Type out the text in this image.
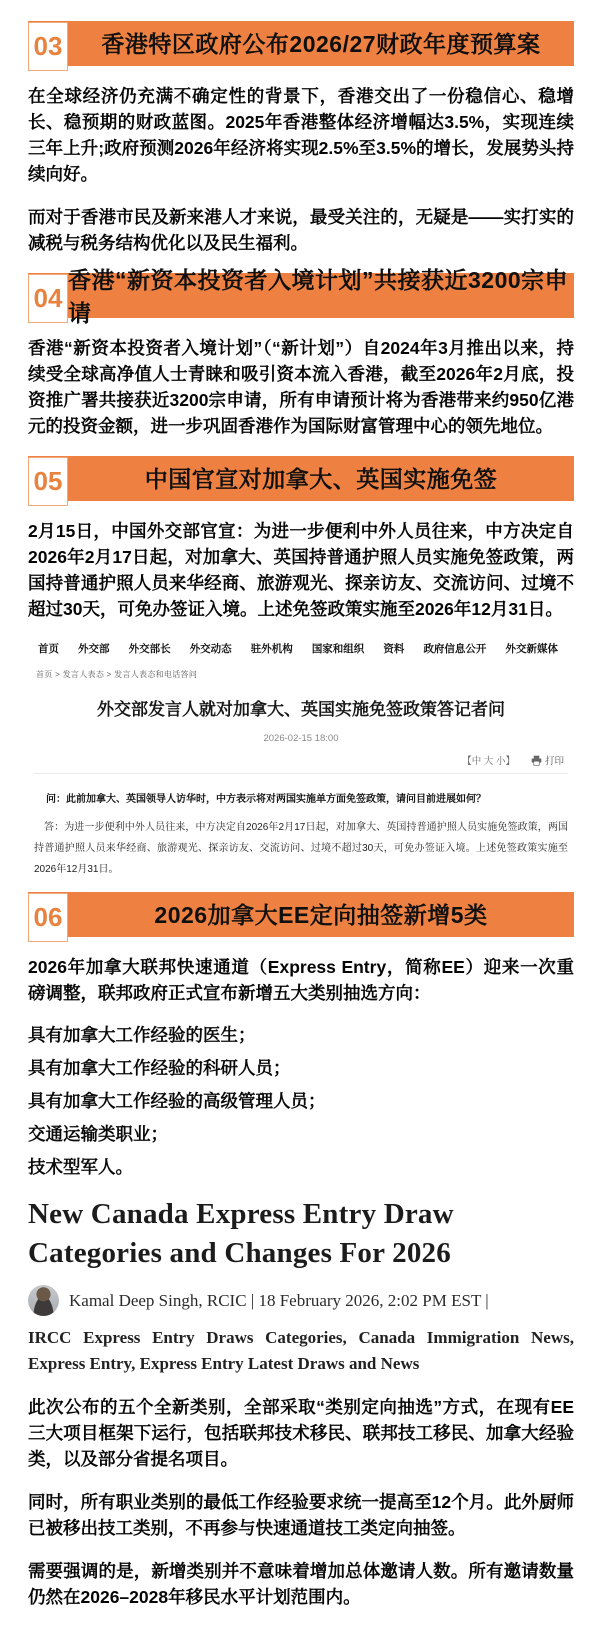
03	香港特区政府公布2026/27财政年度预算案

在全球经济仍充满不确定性的背景下，香港交出了一份稳信心、稳增长、稳预期的财政蓝图。2025年香港整体经济增幅达3.5%，实现连续三年上升;政府预测2026年经济将实现2.5%至3.5%的增长，发展势头持续向好。

而对于香港市民及新来港人才来说，最受关注的，无疑是——实打实的减税与税务结构优化以及民生福利。

04
香港“新资本投资者入境计划”共接获近3200宗申请

香港“新资本投资者入境计划”（“新计划”）自2024年3月推出以来，持续受全球高净值人士青睐和吸引资本流入香港，截至2026年2月底，投资推广署共接获近3200宗申请，所有申请预计将为香港带来约950亿港元的投资金额，进一步巩固香港作为国际财富管理中心的领先地位。

05	中国官宣对加拿大、英国实施免签

2月15日，中国外交部官宣：为进一步便利中外人员往来，中方决定自2026年2月17日起，对加拿大、英国持普通护照人员实施免签政策，两国持普通护照人员来华经商、旅游观光、探亲访友、交流访问、过境不超过30天，可免办签证入境。上述免签政策实施至2026年12月31日。

首页 外交部 外交部长 外交动态 驻外机构 国家和组织 资料 政府信息公开 外交新媒体
首页 > 发言人表态 > 发言人表态和电话答问
外交部发言人就对加拿大、英国实施免签政策答记者问
2026-02-15 18:00
【中 大 小】	打印

问：此前加拿大、英国领导人访华时，中方表示将对两国实施单方面免签政策，请问目前进展如何？

答：为进一步便利中外人员往来，中方决定自2026年2月17日起，对加拿大、英国持普通护照人员实施免签政策，两国持普通护照人员来华经商、旅游观光、探亲访友、交流访问、过境不超过30天，可免办签证入境。上述免签政策实施至2026年12月31日。

06	2026加拿大EE定向抽签新增5类

2026年加拿大联邦快速通道（Express Entry，简称EE）迎来一次重磅调整，联邦政府正式宣布新增五大类别抽选方向：

具有加拿大工作经验的医生；

具有加拿大工作经验的科研人员；

具有加拿大工作经验的高级管理人员；

交通运输类职业；

技术型军人。

New Canada Express Entry Draw Categories and Changes For 2026
Kamal Deep Singh, RCIC | 18 February 2026, 2:02 PM EST |
IRCC Express Entry Draws Categories, Canada Immigration News, Express Entry, Express Entry Latest Draws and News

此次公布的五个全新类别，全部采取“类别定向抽选”方式，在现有EE三大项目框架下运行，包括联邦技术移民、联邦技工移民、加拿大经验类，以及部分省提名项目。

同时，所有职业类别的最低工作经验要求统一提高至12个月。此外厨师已被移出技工类别，不再参与快速通道技工类定向抽签。

需要强调的是，新增类别并不意味着增加总体邀请人数。所有邀请数量仍然在2026–2028年移民水平计划范围内。
